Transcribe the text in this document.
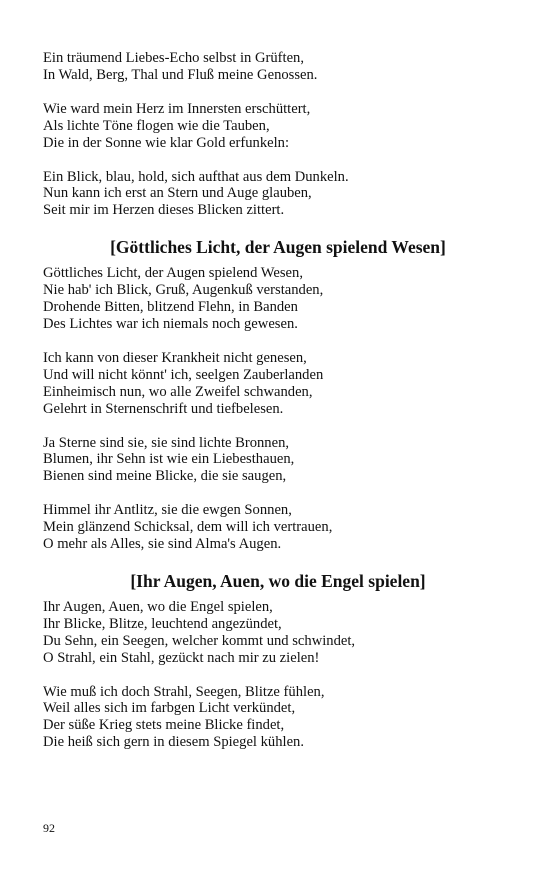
Ein träumend Liebes-Echo selbst in Grüften,
In Wald, Berg, Thal und Fluß meine Genossen.
Wie ward mein Herz im Innersten erschüttert,
Als lichte Töne flogen wie die Tauben,
Die in der Sonne wie klar Gold erfunkeln:
Ein Blick, blau, hold, sich aufthat aus dem Dunkeln.
Nun kann ich erst an Stern und Auge glauben,
Seit mir im Herzen dieses Blicken zittert.
[Göttliches Licht, der Augen spielend Wesen]
Göttliches Licht, der Augen spielend Wesen,
Nie hab' ich Blick, Gruß, Augenkuß verstanden,
Drohende Bitten, blitzend Flehn, in Banden
Des Lichtes war ich niemals noch gewesen.
Ich kann von dieser Krankheit nicht genesen,
Und will nicht könnt' ich, seelgen Zauberlanden
Einheimisch nun, wo alle Zweifel schwanden,
Gelehrt in Sternenschrift und tiefbelesen.
Ja Sterne sind sie, sie sind lichte Bronnen,
Blumen, ihr Sehn ist wie ein Liebesthauen,
Bienen sind meine Blicke, die sie saugen,
Himmel ihr Antlitz, sie die ewgen Sonnen,
Mein glänzend Schicksal, dem will ich vertrauen,
O mehr als Alles, sie sind Alma's Augen.
[Ihr Augen, Auen, wo die Engel spielen]
Ihr Augen, Auen, wo die Engel spielen,
Ihr Blicke, Blitze, leuchtend angezündet,
Du Sehn, ein Seegen, welcher kommt und schwindet,
O Strahl, ein Stahl, gezückt nach mir zu zielen!
Wie muß ich doch Strahl, Seegen, Blitze fühlen,
Weil alles sich im farbgen Licht verkündet,
Der süße Krieg stets meine Blicke findet,
Die heiß sich gern in diesem Spiegel kühlen.
92
